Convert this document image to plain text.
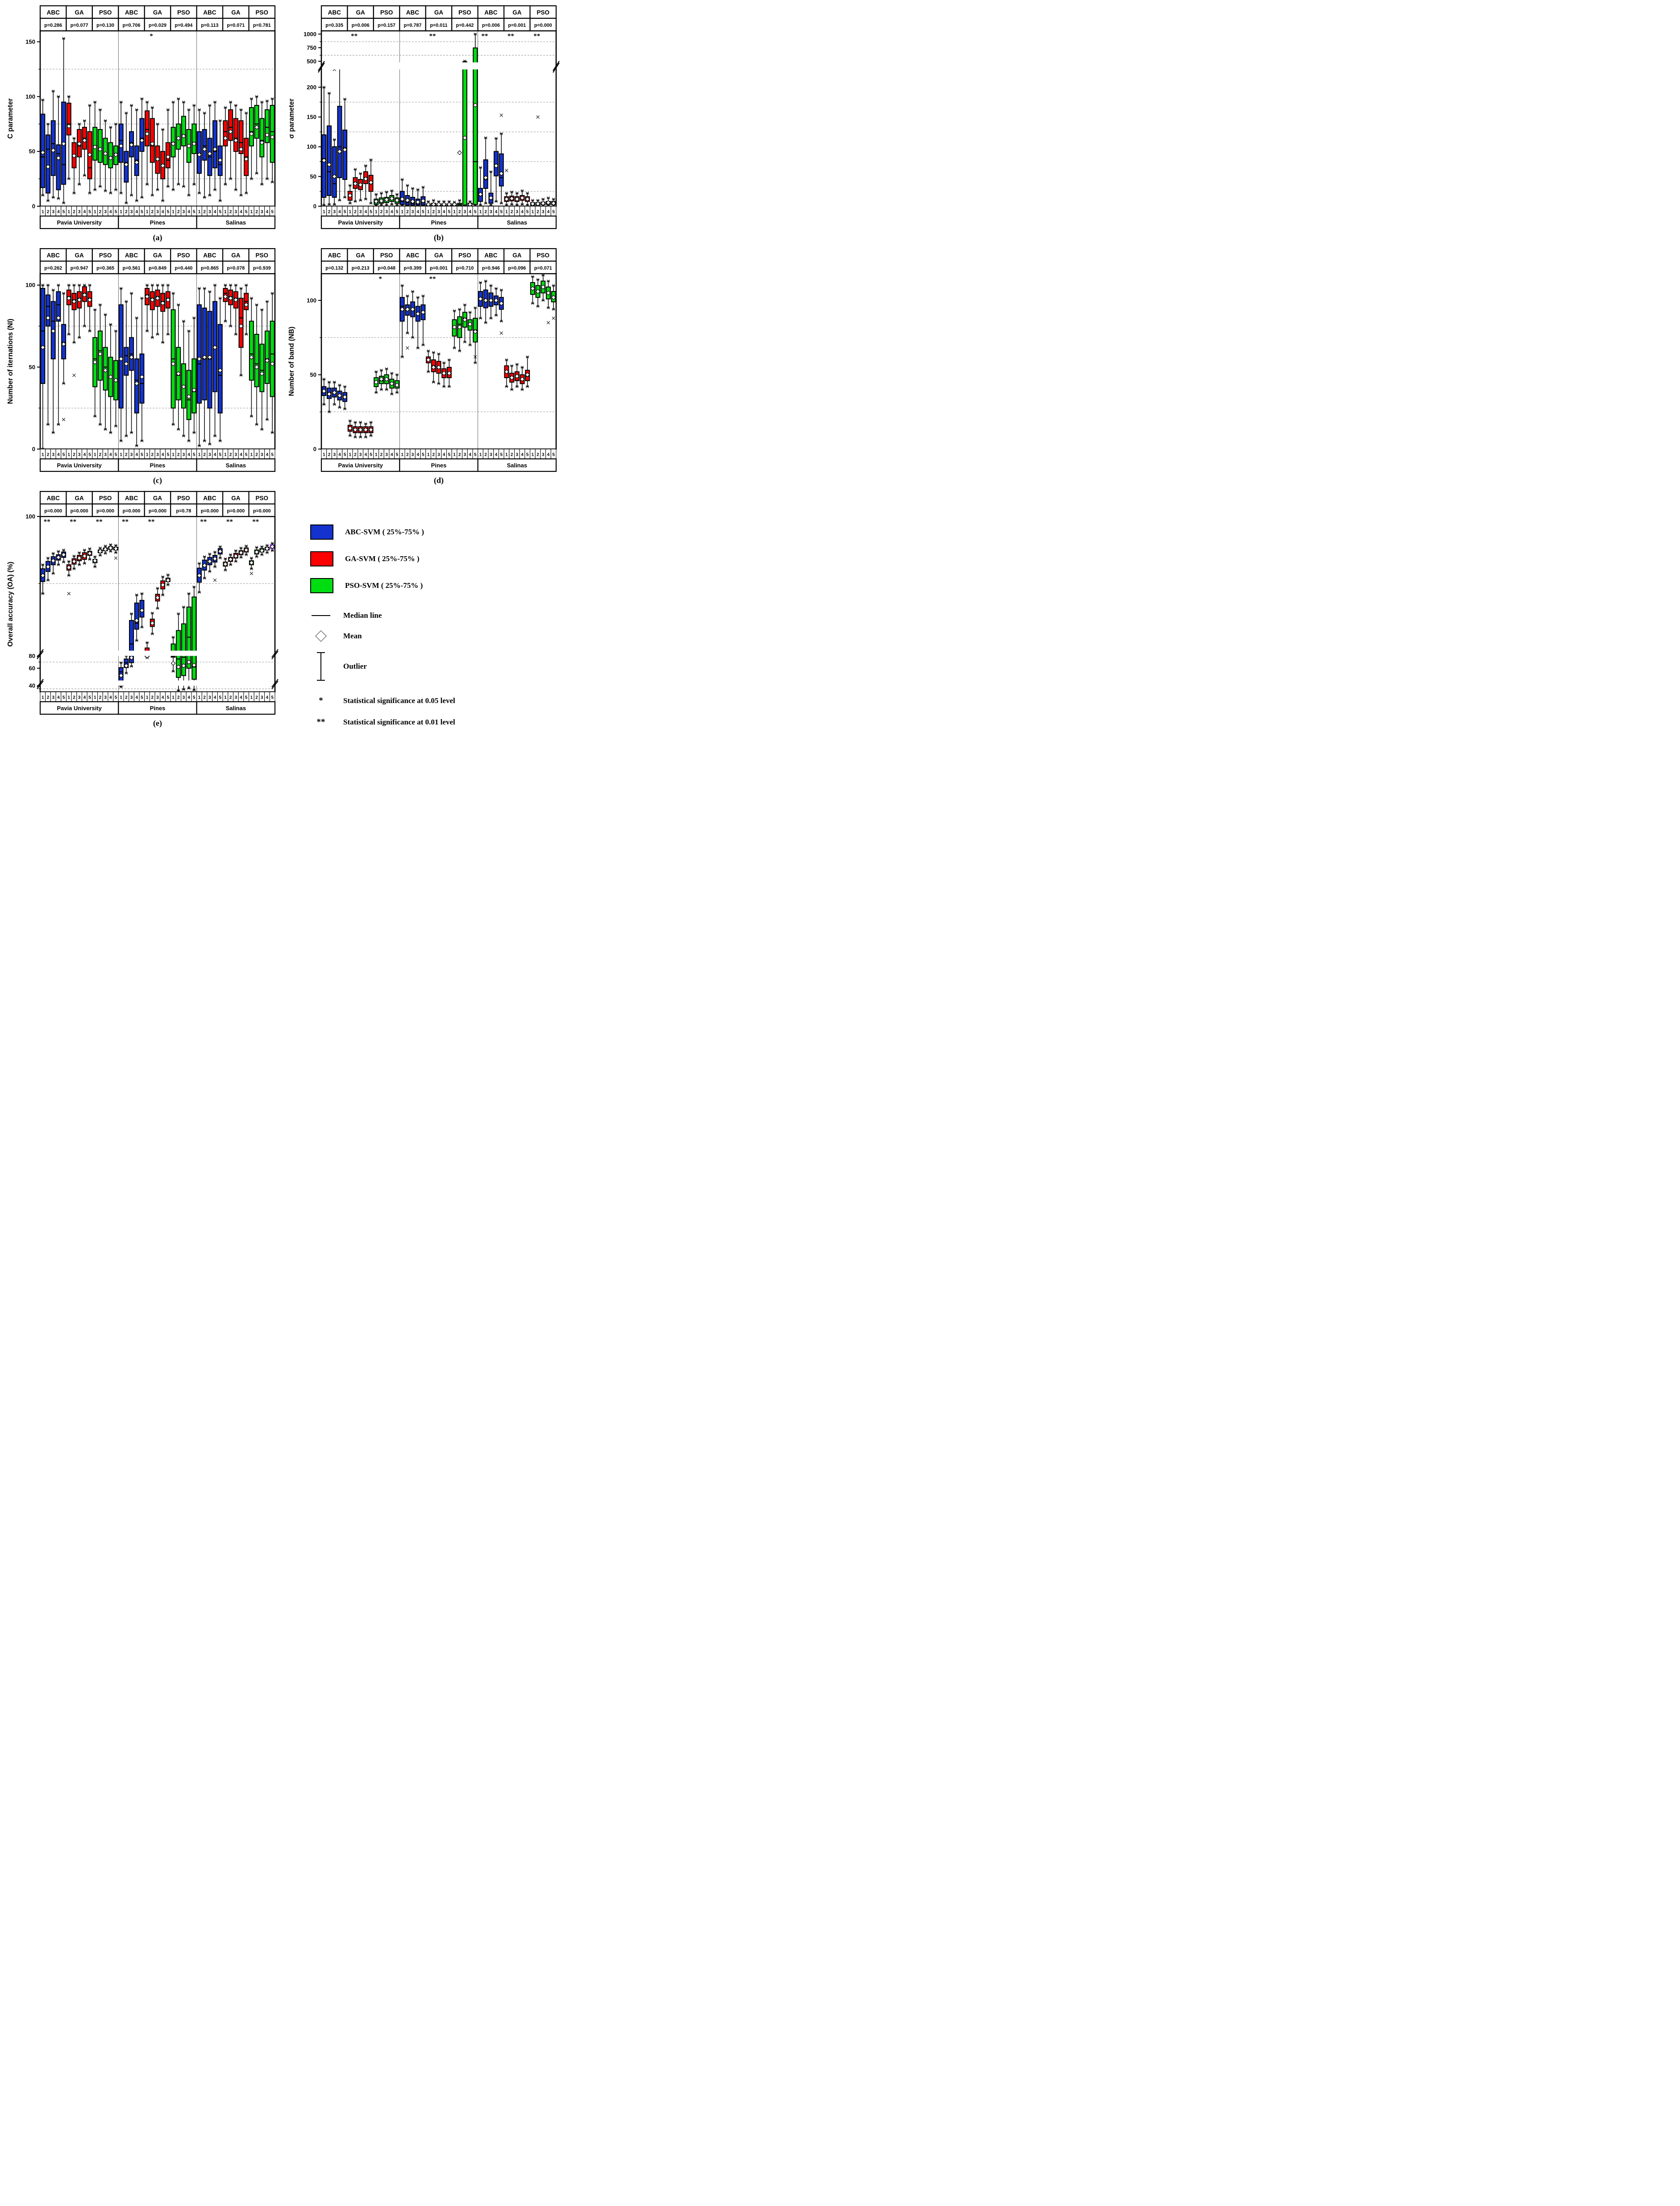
0
50
100
150
C parameter
ABC
p=0.286
GA
p=0.077
PSO
p=0.130
ABC
p=0.706
GA
p=0.029
*
PSO
p=0.494
ABC
p=0.113
GA
p=0.071
PSO
p=0.781
1 2 3 4 5 1 2 3 4 5 1 2 3 4 5 1 2 3 4 5 1 2 3 4 5 1 2 3 4 5 1 2 3 4 5 1 2 3 4 5 1 2 3 4 5
Pavia University	Pines	Salinas
(a)
0
50
100
150
200
500
750
1000
σ parameter
ABC
p=0.335
GA
p=0.006
**
PSO
p=0.157
ABC
p=0.787
GA
p=0.011
**
PSO
p=0.442
ABC
p=0.006
**
GA
p=0.001
**
PSO
p=0.000
**
1 2 3 4 5 1 2 3 4 5 1 2 3 4 5 1 2 3 4 5 1 2 3 4 5 1 2 3 4 5 1 2 3 4 5 1 2 3 4 5 1 2 3 4 5
Pavia University	Pines	Salinas
(b)
0
50
100
Number of iternations (NI)
ABC
p=0.262
GA
p=0.947
PSO
p=0.365
ABC
p=0.561
GA
p=0.849
PSO
p=0.440
ABC
p=0.865
GA
p=0.078
PSO
p=0.939
1 2 3 4 5 1 2 3 4 5 1 2 3 4 5 1 2 3 4 5 1 2 3 4 5 1 2 3 4 5 1 2 3 4 5 1 2 3 4 5 1 2 3 4 5
Pavia University	Pines	Salinas
(c)
0
50
100
Number of band (NB)
ABC
p=0.132
GA
p=0.213
PSO
p=0.048
*
ABC
p=0.399
GA
p=0.001
**
PSO
p=0.710
ABC
p=0.946
GA
p=0.096
PSO
p=0.071
1 2 3 4 5 1 2 3 4 5 1 2 3 4 5 1 2 3 4 5 1 2 3 4 5 1 2 3 4 5 1 2 3 4 5 1 2 3 4 5 1 2 3 4 5
Pavia University	Pines	Salinas
(d)
40
60
80
100
Overall accuracy (OA) (%)
ABC
p=0.000
**
GA
p=0.000
**
PSO
p=0.000
**
ABC
p=0.000
**
GA
p=0.000
**
PSO
p=0.78
ABC
p=0.000
**
GA
p=0.000
**
PSO
p=0.000
**
1 2 3 4 5 1 2 3 4 5 1 2 3 4 5 1 2 3 4 5 1 2 3 4 5 1 2 3 4 5 1 2 3 4 5 1 2 3 4 5 1 2 3 4 5
Pavia University	Pines	Salinas
(e)
ABC-SVM ( 25%-75% )
GA-SVM ( 25%-75% )
PSO-SVM ( 25%-75% )
Median line
Mean
Outlier
*	Statistical significance at 0.05 level
**	Statistical significance at 0.01 level
